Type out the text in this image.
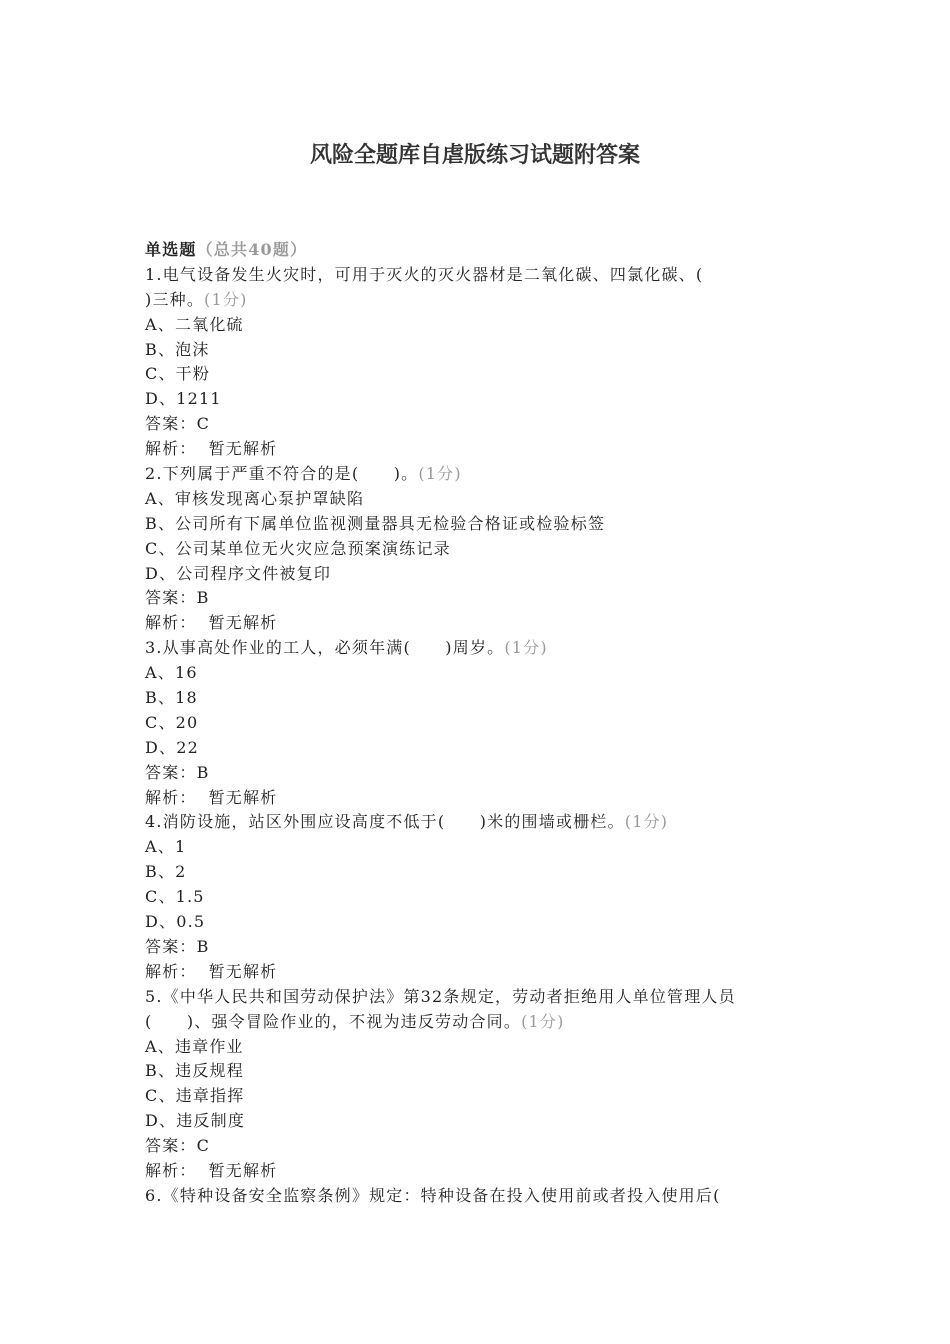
风险全题库自虐版练习试题附答案
单选题（总共40题）
1.电气设备发生火灾时，可用于灭火的灭火器材是二氧化碳、四氯化碳、(
)三种。(1分)
A、二氧化硫
B、泡沫
C、干粉
D、1211
答案：C
解析： 暂无解析
2.下列属于严重不符合的是(　　)。(1分)
A、审核发现离心泵护罩缺陷
B、公司所有下属单位监视测量器具无检验合格证或检验标签
C、公司某单位无火灾应急预案演练记录
D、公司程序文件被复印
答案：B
解析： 暂无解析
3.从事高处作业的工人，必须年满(　　)周岁。(1分)
A、16
B、18
C、20
D、22
答案：B
解析： 暂无解析
4.消防设施，站区外围应设高度不低于(　　)米的围墙或栅栏。(1分)
A、1
B、2
C、1.5
D、0.5
答案：B
解析： 暂无解析
5.《中华人民共和国劳动保护法》第32条规定，劳动者拒绝用人单位管理人员
(　　)、强令冒险作业的，不视为违反劳动合同。(1分)
A、违章作业
B、违反规程
C、违章指挥
D、违反制度
答案：C
解析： 暂无解析
6.《特种设备安全监察条例》规定：特种设备在投入使用前或者投入使用后(
